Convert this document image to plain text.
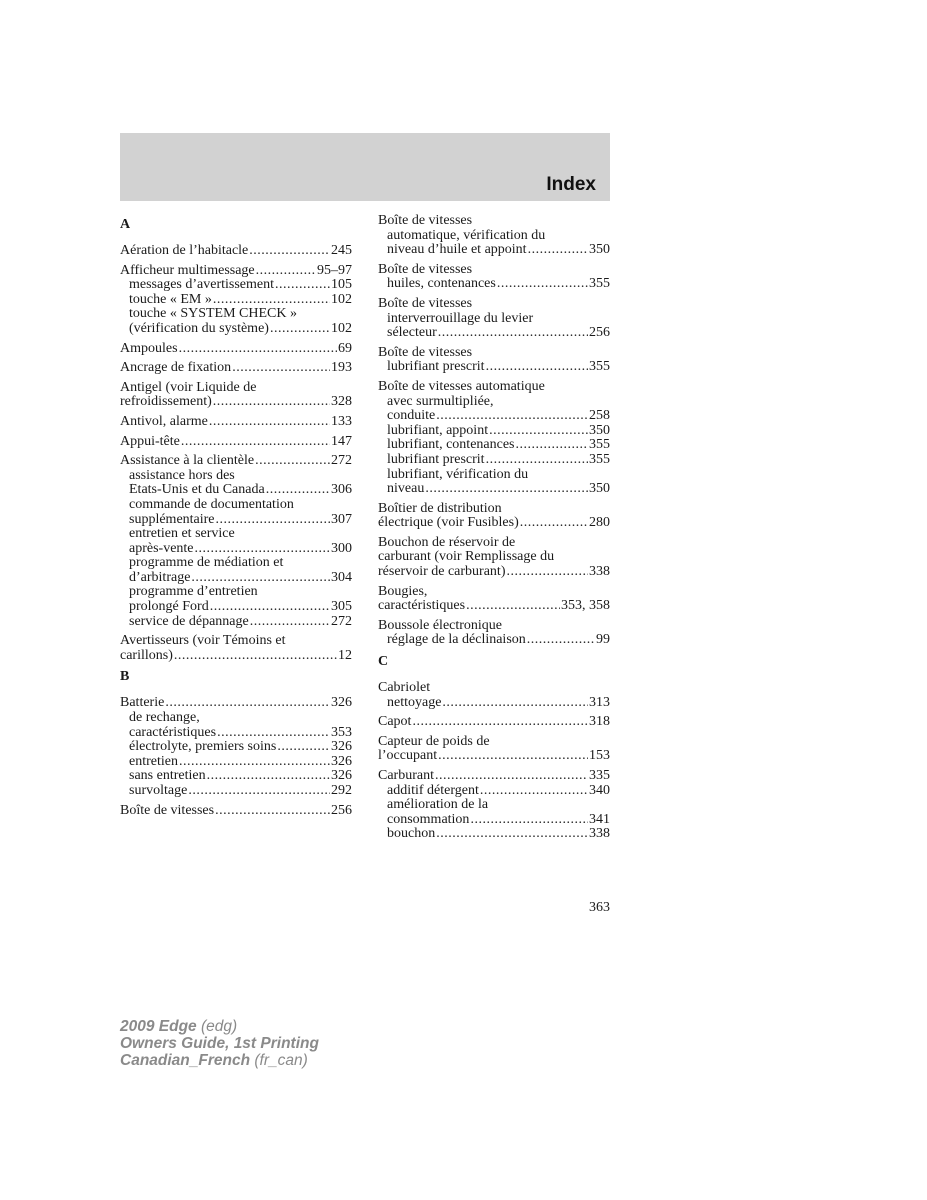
Index
A
Aération de l’habitacle .....	245
Afficheur multimessage .....	95–97
messages d’avertissement .....	105
touche « EM » .....	102
touche « SYSTEM CHECK »
(vérification du système) .....	102
Ampoules .....	69
Ancrage de fixation .....	193
Antigel (voir Liquide de
refroidissement) .....	328
Antivol, alarme .....	133
Appui-tête .....	147
Assistance à la clientèle .....	272
assistance hors des
États-Unis et du Canada .....	306
commande de documentation
supplémentaire .....	307
entretien et service
après-vente .....	300
programme de médiation et
d’arbitrage .....	304
programme d’entretien
prolongé Ford .....	305
service de dépannage .....	272
Avertisseurs (voir Témoins et
carillons) .....	12
B
Batterie .....	326
de rechange,
caractéristiques .....	353
électrolyte, premiers soins .....	326
entretien .....	326
sans entretien .....	326
survoltage .....	292
Boîte de vitesses .....	256
Boîte de vitesses
automatique, vérification du
niveau d’huile et appoint .....	350
Boîte de vitesses
huiles, contenances .....	355
Boîte de vitesses
interverrouillage du levier
sélecteur .....	256
Boîte de vitesses
lubrifiant prescrit .....	355
Boîte de vitesses automatique
avec surmultipliée,
conduite .....	258
lubrifiant, appoint .....	350
lubrifiant, contenances .....	355
lubrifiant prescrit .....	355
lubrifiant, vérification du
niveau .....	350
Boîtier de distribution
électrique (voir Fusibles) .....	280
Bouchon de réservoir de
carburant (voir Remplissage du
réservoir de carburant) .....	338
Bougies,
caractéristiques .....	353, 358
Boussole électronique
réglage de la déclinaison .....	99
C
Cabriolet
nettoyage .....	313
Capot .....	318
Capteur de poids de
l’occupant .....	153
Carburant .....	335
additif détergent .....	340
amélioration de la
consommation .....	341
bouchon .....	338
363
2009 Edge (edg)
Owners Guide, 1st Printing
Canadian_French (fr_can)
